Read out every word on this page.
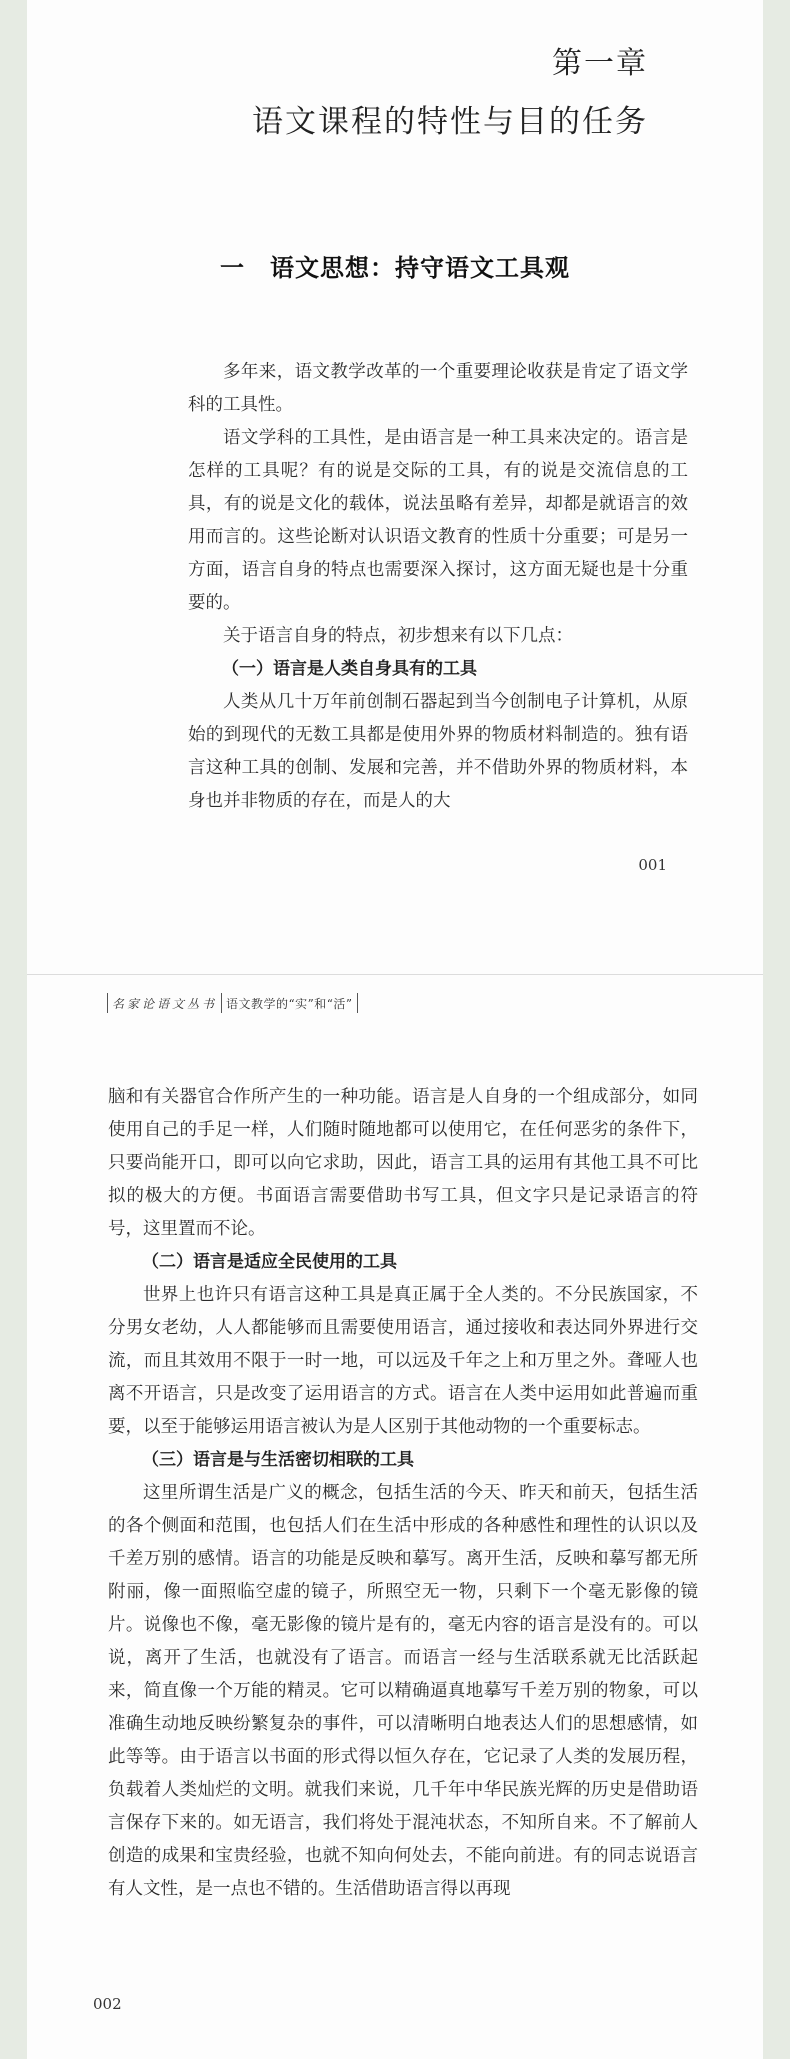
第一章
语文课程的特性与目的任务
一　语文思想：持守语文工具观

多年来，语文教学改革的一个重要理论收获是肯定了语文学科的工具性。

语文学科的工具性，是由语言是一种工具来决定的。语言是怎样的工具呢？有的说是交际的工具，有的说是交流信息的工具，有的说是文化的载体，说法虽略有差异，却都是就语言的效用而言的。这些论断对认识语文教育的性质十分重要；可是另一方面，语言自身的特点也需要深入探讨，这方面无疑也是十分重要的。

关于语言自身的特点，初步想来有以下几点：

（一）语言是人类自身具有的工具

人类从几十万年前创制石器起到当今创制电子计算机，从原始的到现代的无数工具都是使用外界的物质材料制造的。独有语言这种工具的创制、发展和完善，并不借助外界的物质材料，本身也并非物质的存在，而是人的大

001
名家论语文丛书 语文教学的“实”和“活”

脑和有关器官合作所产生的一种功能。语言是人自身的一个组成部分，如同使用自己的手足一样，人们随时随地都可以使用它，在任何恶劣的条件下，只要尚能开口，即可以向它求助，因此，语言工具的运用有其他工具不可比拟的极大的方便。书面语言需要借助书写工具，但文字只是记录语言的符号，这里置而不论。

（二）语言是适应全民使用的工具

世界上也许只有语言这种工具是真正属于全人类的。不分民族国家，不分男女老幼，人人都能够而且需要使用语言，通过接收和表达同外界进行交流，而且其效用不限于一时一地，可以远及千年之上和万里之外。聋哑人也离不开语言，只是改变了运用语言的方式。语言在人类中运用如此普遍而重要，以至于能够运用语言被认为是人区别于其他动物的一个重要标志。

（三）语言是与生活密切相联的工具

这里所谓生活是广义的概念，包括生活的今天、昨天和前天，包括生活的各个侧面和范围，也包括人们在生活中形成的各种感性和理性的认识以及千差万别的感情。语言的功能是反映和摹写。离开生活，反映和摹写都无所附丽，像一面照临空虚的镜子，所照空无一物，只剩下一个毫无影像的镜片。说像也不像，毫无影像的镜片是有的，毫无内容的语言是没有的。可以说，离开了生活，也就没有了语言。而语言一经与生活联系就无比活跃起来，简直像一个万能的精灵。它可以精确逼真地摹写千差万别的物象，可以准确生动地反映纷繁复杂的事件，可以清晰明白地表达人们的思想感情，如此等等。由于语言以书面的形式得以恒久存在，它记录了人类的发展历程，负载着人类灿烂的文明。就我们来说，几千年中华民族光辉的历史是借助语言保存下来的。如无语言，我们将处于混沌状态，不知所自来。不了解前人创造的成果和宝贵经验，也就不知向何处去，不能向前进。有的同志说语言有人文性，是一点也不错的。生活借助语言得以再现

002
